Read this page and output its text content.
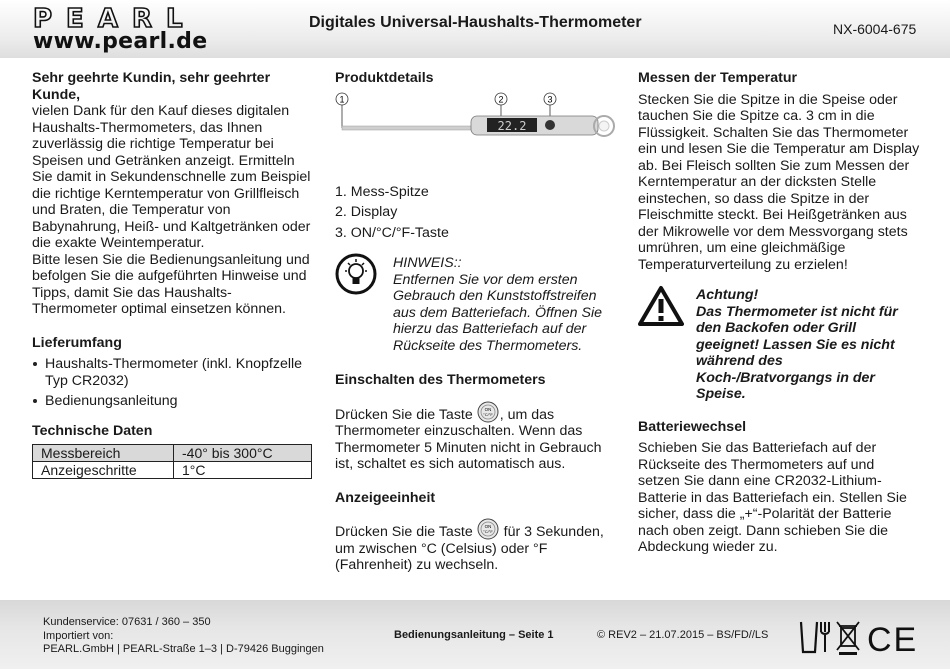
PEARL
www.pearl.de
Digitales Universal-Haushalts-Thermometer	NX-6004-675
Sehr geehrte Kundin, sehr geehrter Kunde,

vielen Dank für den Kauf dieses digitalen Haushalts-Thermometers, das Ihnen zuverlässig die richtige Temperatur bei Speisen und Getränken anzeigt. Ermitteln Sie damit in Sekundenschnelle zum Beispiel die richtige Kerntemperatur von Grillfleisch und Braten, die Temperatur von Babynahrung, Heiß- und Kaltgetränken oder die exakte Weintemperatur.

Bitte lesen Sie die Bedienungsanleitung und befolgen Sie die aufgeführten Hinweise und Tipps, damit Sie das Haushalts-Thermometer optimal einsetzen können.

Lieferumfang
Haushalts-Thermometer (inkl. Knopfzelle Typ CR2032)
Bedienungsanleitung
Technische Daten
Messbereich	-40° bis 300°C
Anzeigeschritte	1°C
Produktdetails
22.2
1	2	3
1. Mess-Spitze
2. Display
3. ON/°C/°F-Taste
HINWEIS::
Entfernen Sie vor dem ersten Gebrauch den Kunststoffstreifen aus dem Batteriefach. Öffnen Sie hierzu das Batteriefach auf der Rückseite des Thermometers.
Einschalten des Thermometers

Drücken Sie die Taste ON
°C/°F , um das Thermometer einzuschalten. Wenn das Thermometer 5 Minuten nicht in Gebrauch ist, schaltet es sich automatisch aus.

Anzeigeeinheit

Drücken Sie die Taste ON
°C/°F für 3 Sekunden, um zwischen °C (Celsius) oder °F (Fahrenheit) zu wechseln.

Messen der Temperatur

Stecken Sie die Spitze in die Speise oder tauchen Sie die Spitze ca. 3 cm in die Flüssigkeit. Schalten Sie das Thermometer ein und lesen Sie die Temperatur am Display ab. Bei Fleisch sollten Sie zum Messen der Kerntemperatur an der dicksten Stelle einstechen, so dass die Spitze in der Fleischmitte steckt. Bei Heißgetränken aus der Mikrowelle vor dem Messvorgang stets umrühren, um eine gleichmäßige Temperaturverteilung zu erzielen!

Achtung!
Das Thermometer ist nicht für den Backofen oder Grill geeignet! Lassen Sie es nicht während des Koch-/Bratvorgangs in der Speise.
Batteriewechsel

Schieben Sie das Batteriefach auf der Rückseite des Thermometers auf und setzen Sie dann eine CR2032-Lithium-Batterie in das Batteriefach ein. Stellen Sie sicher, dass die „+“-Polarität der Batterie nach oben zeigt. Dann schieben Sie die Abdeckung wieder zu.

Kundenservice: 07631 / 360 – 350
Importiert von:
PEARL.GmbH | PEARL-Straße 1–3 | D-79426 Buggingen
Bedienungsanleitung – Seite 1	© REV2 – 21.07.2015 – BS/FD//LS	CE
